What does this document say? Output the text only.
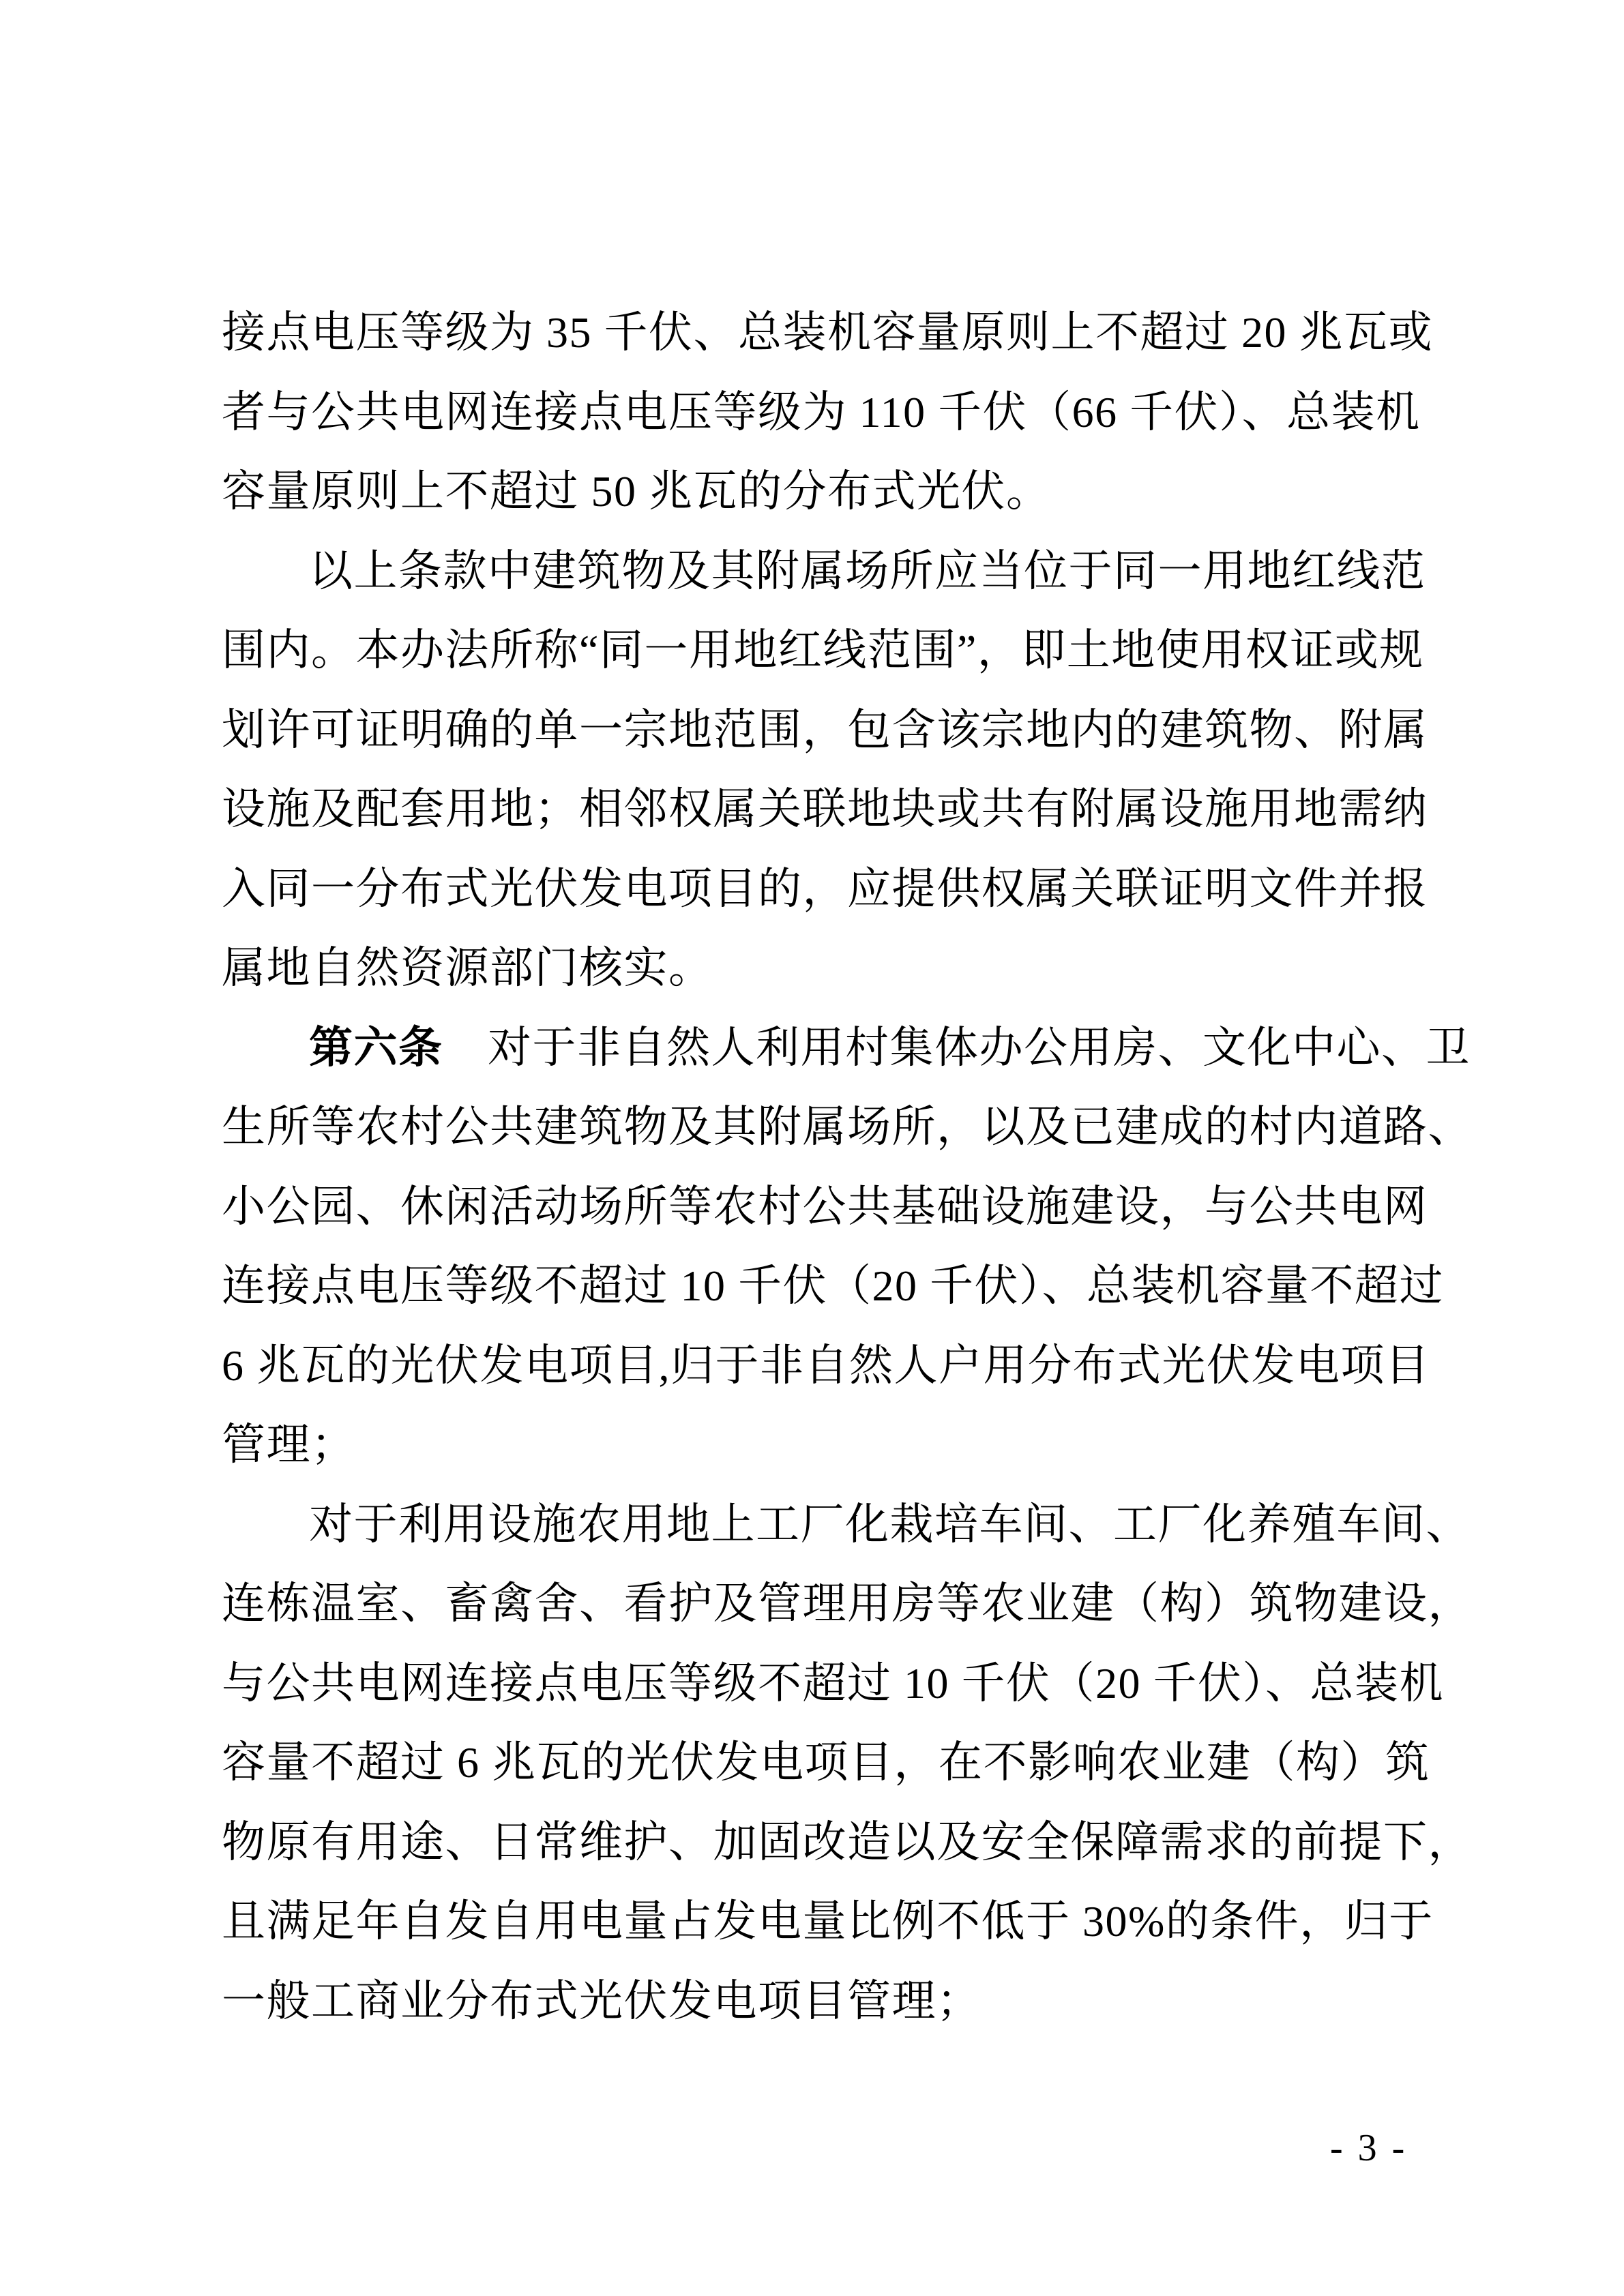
接点电压等级为 35 千伏、总装机容量原则上不超过 20 兆瓦或
者与公共电网连接点电压等级为 110 千伏（66 千伏）、总装机
容量原则上不超过 50 兆瓦的分布式光伏。
以上条款中建筑物及其附属场所应当位于同一用地红线范
围内。本办法所称“同一用地红线范围”，即土地使用权证或规
划许可证明确的单一宗地范围，包含该宗地内的建筑物、附属
设施及配套用地；相邻权属关联地块或共有附属设施用地需纳
入同一分布式光伏发电项目的，应提供权属关联证明文件并报
属地自然资源部门核实。
第六条　对于非自然人利用村集体办公用房、文化中心、卫
生所等农村公共建筑物及其附属场所，以及已建成的村内道路、
小公园、休闲活动场所等农村公共基础设施建设，与公共电网
连接点电压等级不超过 10 千伏（20 千伏）、总装机容量不超过
6 兆瓦的光伏发电项目,归于非自然人户用分布式光伏发电项目
管理；
对于利用设施农用地上工厂化栽培车间、工厂化养殖车间、
连栋温室、畜禽舍、看护及管理用房等农业建（构）筑物建设，
与公共电网连接点电压等级不超过 10 千伏（20 千伏）、总装机
容量不超过 6 兆瓦的光伏发电项目，在不影响农业建（构）筑
物原有用途、日常维护、加固改造以及安全保障需求的前提下，
且满足年自发自用电量占发电量比例不低于 30%的条件，归于
一般工商业分布式光伏发电项目管理；
- 3 -
